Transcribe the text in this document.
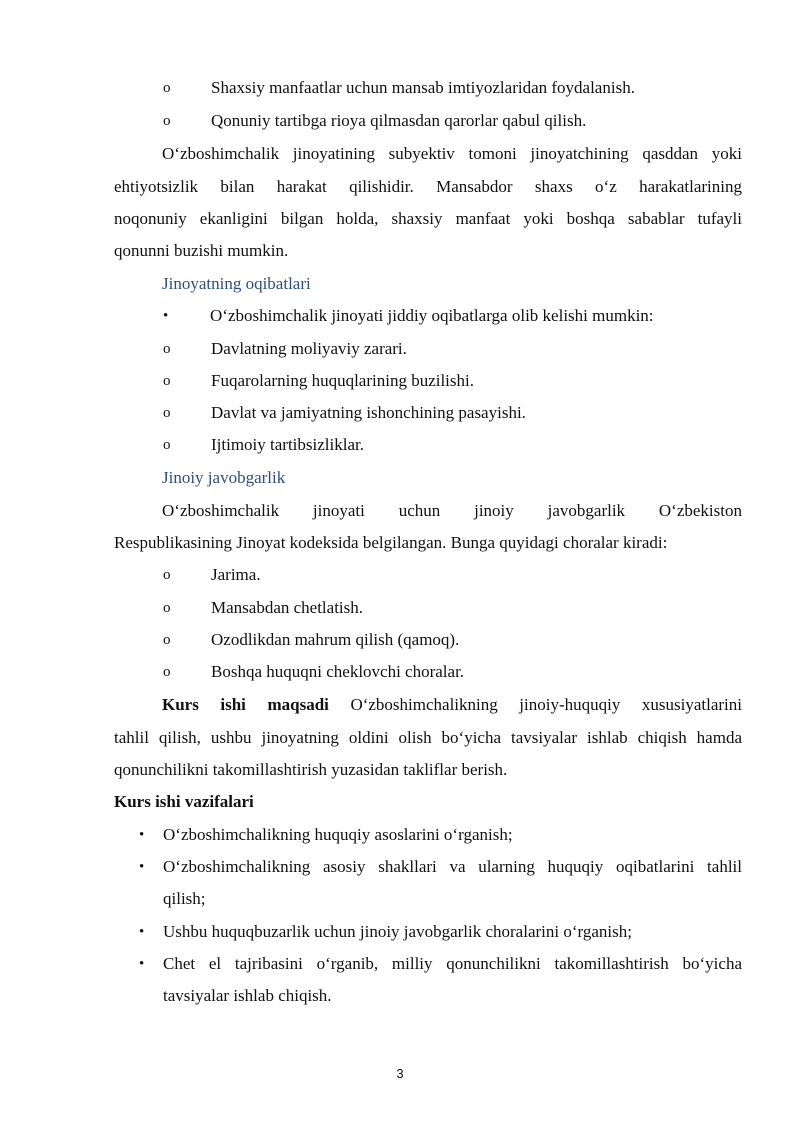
o Shaxsiy manfaatlar uchun mansab imtiyozlaridan foydalanish.
o Qonuniy tartibga rioya qilmasdan qarorlar qabul qilish.
O‘zboshimchalik jinoyatining subyektiv tomoni jinoyatchining qasddan yoki
ehtiyotsizlik bilan harakat qilishidir. Mansabdor shaxs o‘z harakatlarining
noqonuniy ekanligini bilgan holda, shaxsiy manfaat yoki boshqa sabablar tufayli
qonunni buzishi mumkin.
Jinoyatning oqibatlari
• O‘zboshimchalik jinoyati jiddiy oqibatlarga olib kelishi mumkin:
o Davlatning moliyaviy zarari.
o Fuqarolarning huquqlarining buzilishi.
o Davlat va jamiyatning ishonchining pasayishi.
o Ijtimoiy tartibsizliklar.
Jinoiy javobgarlik
O‘zboshimchalik jinoyati uchun jinoiy javobgarlik O‘zbekiston
Respublikasining Jinoyat kodeksida belgilangan. Bunga quyidagi choralar kiradi:
o Jarima.
o Mansabdan chetlatish.
o Ozodlikdan mahrum qilish (qamoq).
o Boshqa huquqni cheklovchi choralar.
Kurs ishi maqsadi O‘zboshimchalikning jinoiy-huquqiy xususiyatlarini
tahlil qilish, ushbu jinoyatning oldini olish bo‘yicha tavsiyalar ishlab chiqish hamda
qonunchilikni takomillashtirish yuzasidan takliflar berish.
Kurs ishi vazifalari
• O‘zboshimchalikning huquqiy asoslarini o‘rganish;
• O‘zboshimchalikning asosiy shakllari va ularning huquqiy oqibatlarini tahlil
qilish;
• Ushbu huquqbuzarlik uchun jinoiy javobgarlik choralarini o‘rganish;
• Chet el tajribasini o‘rganib, milliy qonunchilikni takomillashtirish bo‘yicha
tavsiyalar ishlab chiqish.
3
